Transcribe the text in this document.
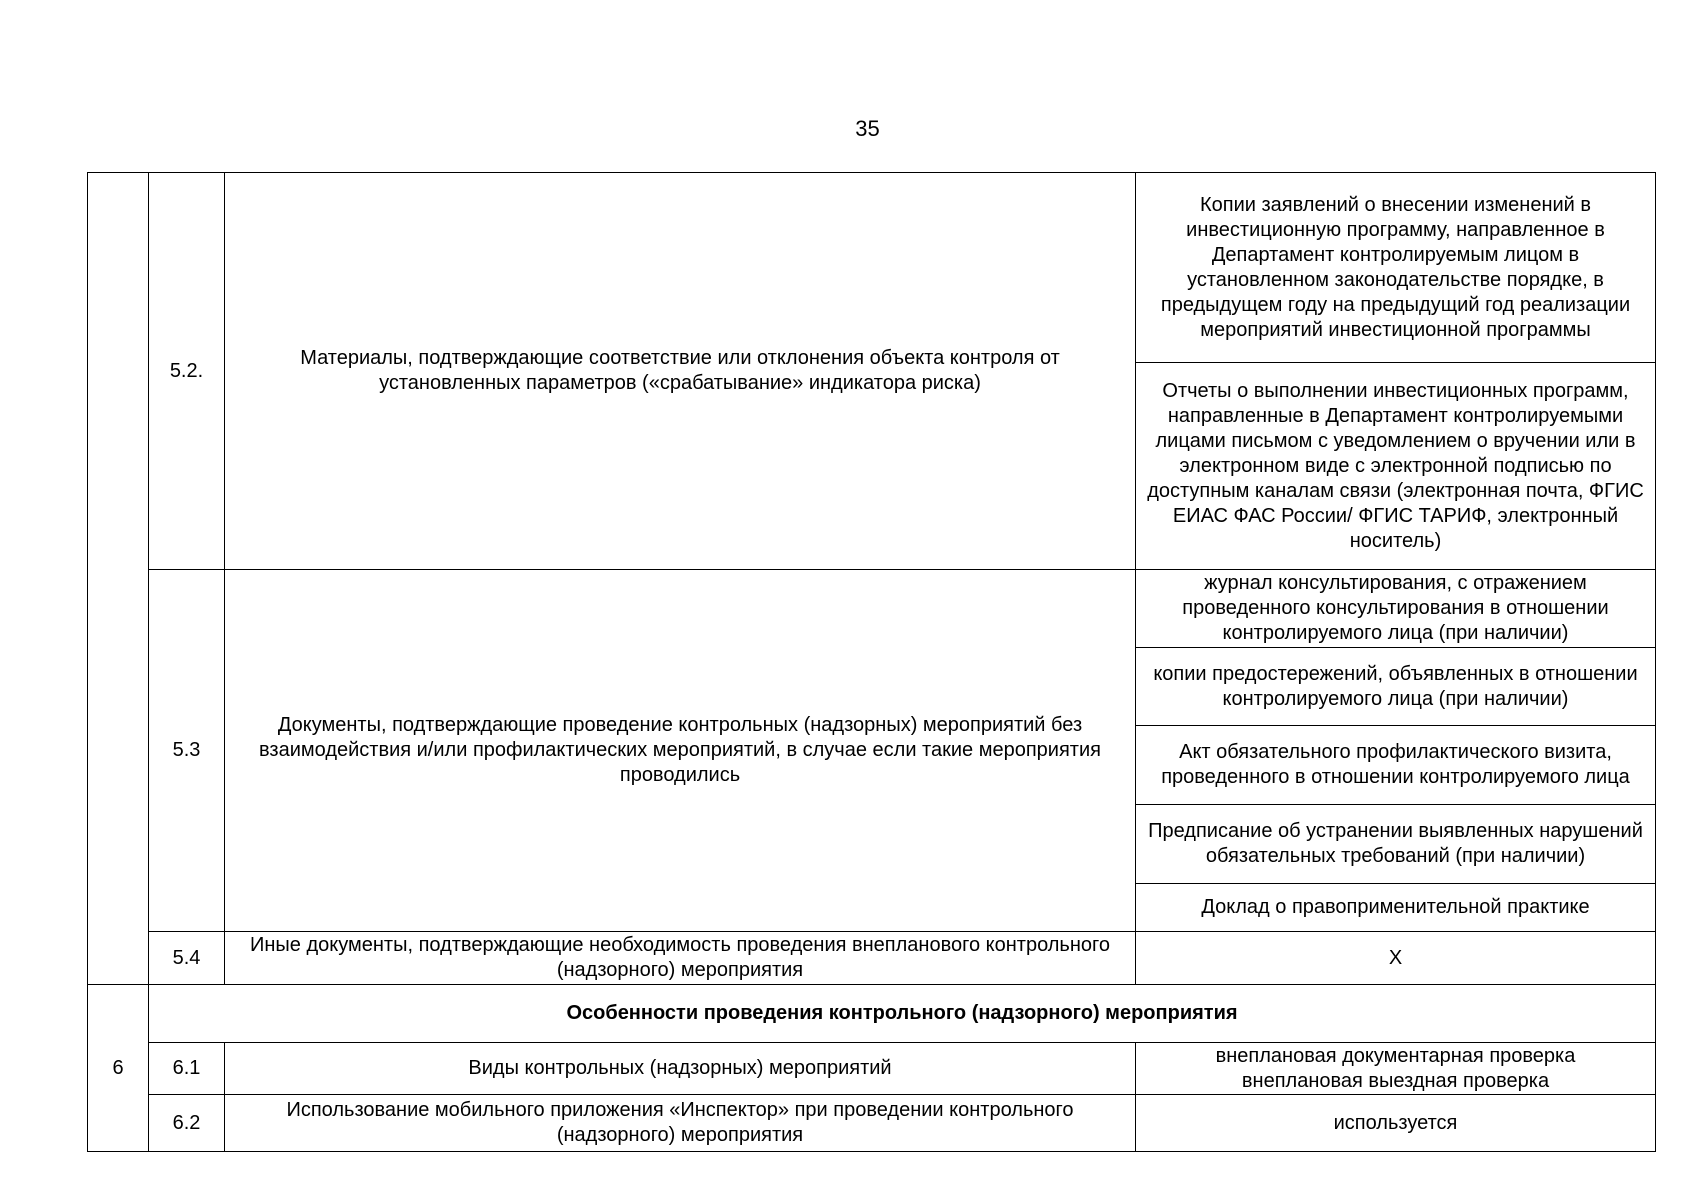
35
	5.2.	Материалы, подтверждающие соответствие или отклонения объекта контроля от установленных параметров («срабатывание» индикатора риска)	Копии заявлений о внесении изменений в инвестиционную программу, направленное в Департамент контролируемым лицом в установленном законодательстве порядке, в предыдущем году на предыдущий год реализации мероприятий инвестиционной программы
			Отчеты о выполнении инвестиционных программ, направленные в Департамент контролируемыми лицами письмом с уведомлением о вручении или в электронном виде с электронной подписью по доступным каналам связи (электронная почта, ФГИС ЕИАС ФАС России/ ФГИС ТАРИФ, электронный носитель)
	5.3	Документы, подтверждающие проведение контрольных (надзорных) мероприятий без взаимодействия и/или профилактических мероприятий, в случае если такие мероприятия проводились	журнал консультирования, с отражением проведенного консультирования в отношении контролируемого лица (при наличии)
			копии предостережений, объявленных в отношении контролируемого лица (при наличии)
			Акт обязательного профилактического визита, проведенного в отношении контролируемого лица
			Предписание об устранении выявленных нарушений обязательных требований (при наличии)
			Доклад о правоприменительной практике
	5.4	Иные документы, подтверждающие необходимость проведения внепланового контрольного (надзорного) мероприятия	Х
6	Особенности проведения контрольного (надзорного) мероприятия		
	6.1	Виды контрольных (надзорных) мероприятий	внеплановая документарная проверка
внеплановая выездная проверка

	6.2	Использование мобильного приложения «Инспектор» при проведении контрольного (надзорного) мероприятия	используется
